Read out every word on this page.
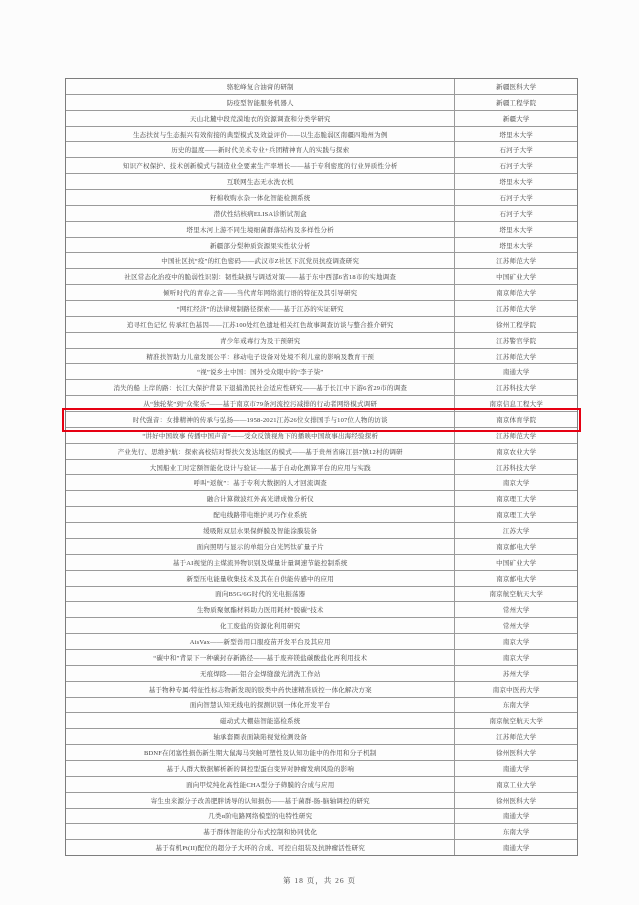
骆驼峰复合油膏的研制	新疆医科大学
防疫型智能服务机器人	新疆工程学院
天山北麓中段荒漠地衣的资源调查和分类学研究	新疆大学
生态扶贫与生态振兴有效衔接的典型模式及效益评价——以生态脆弱区南疆四地州为例	塔里木大学
历史的温度——新时代美术专业+兵团精神育人的实践与探索	石河子大学
知识产权保护、技术创新模式与制造业全要素生产率增长——基于专利密度的行业异质性分析	石河子大学
互联网生态无水洗衣机	塔里木大学
籽棉收购水杂一体化智能检测系统	石河子大学
潜伏性结核病ELISA诊断试剂盒	石河子大学
塔里木河上游不同生境细菌群落结构及多样性分析	塔里木大学
新疆部分梨种质资源果实性状分析	塔里木大学
中国社区抗“疫”的红色密码——武汉市Z社区下沉党员抗疫调查研究	江苏师范大学
社区常态化治疫中的脆弱性识别：韧性缺损与调适对策——基于东中西部6省18市的实地调查	中国矿业大学
倾听时代的青春之音——当代青年网络流行语的特征及其引导研究	南京师范大学
“网红经济”的法律规制路径探索——基于江苏的实证研究	江苏师范大学
追寻红色记忆 传承红色基因——江苏100处红色遗址相关红色故事调查访谈与整合推介研究	徐州工程学院
青少年戒毒行为及干预研究	江苏警官学院
精准扶智助力儿童发展公平：移动电子设备对处境不利儿童的影响及教育干预	江苏师范大学
“视”说乡土中国：国外受众眼中的“李子柒”	南通大学
消失的船 上岸的路：长江大保护背景下退捕渔民社会适应性研究——基于长江中下游6省29市的调查	江苏科技大学
从“独轮桨”到“众桨乐”——基于南京市79条河流控污减排的行动者网络模式调研	南京信息工程大学
时代强音：女排精神的传承与弘扬——1958-2021江苏26位女排国手与107位人物的访谈	南京体育学院
“讲好中国故事 传播中国声音”——受众反馈视角下的播映中国故事出海经验探析	江苏师范大学
产业先行、思维护航：探索高校结对帮扶欠发达地区的模式——基于贵州省麻江县7镇12村的调研	南京农业大学
大国船业工时定额智能化设计与验证——基于自动化测算平台的应用与实践	江苏科技大学
呼叫“返航”：基于专利大数据的人才回流调查	南京大学
融合计算微波红外高光谱成像分析仪	南京理工大学
配电线路带电维护灵巧作业系统	南京理工大学
缓吸附双层水果保鲜膜及智能涂膜装备	江苏大学
面向照明与显示的单组分白光钙钛矿量子片	南京邮电大学
基于AI视觉的主煤流异物识别及煤量计量调速节能控制系统	中国矿业大学
新型压电能量收集技术及其在自供能传感中的应用	南京邮电大学
面向B5G/6G时代的光电振荡器	南京航空航天大学
生物质聚氨酯材料助力医用耗材“脱碳”技术	常州大学
化工废盐的资源化利用研究	常州大学
AisVax——新型兽用口服疫苗开发平台及其应用	南京大学
“碳中和”背景下一种碳封存新路径——基于废弃镁盐碳酸盐化再利用技术	南京大学
无痕焊除——铝合金焊缝激光清洗工作站	苏州大学
基于物种专属/特征性标志物新发现的胶类中药快速精准质控一体化解决方案	南京中医药大学
面向智慧认知无线电的探测识别一体化开发平台	东南大学
磁动式大棚菇智能巡检系统	南京航空航天大学
轴承套圈表面缺陷视觉检测设备	江苏师范大学
BDNF在闭塞性损伤新生期大鼠海马突触可塑性及认知功能中的作用和分子机制	徐州医科大学
基于人群大数据解析新的调控型蛋白变异对肿瘤发病风险的影响	南通大学
面向甲烷纯化高性能CHA型分子筛膜的合成与应用	南京工业大学
寄生虫来源分子改善肥胖诱导的认知损伤——基于菌群-肠-脑轴调控的研究	徐州医科大学
几类α阶电路网络模型的电特性研究	南通大学
基于群体智能的分布式控制和协同优化	东南大学
基于有机Pt(II)配位的超分子大环的合成、可控自组装及抗肿瘤活性研究	南通大学
第 18 页，共 26 页
